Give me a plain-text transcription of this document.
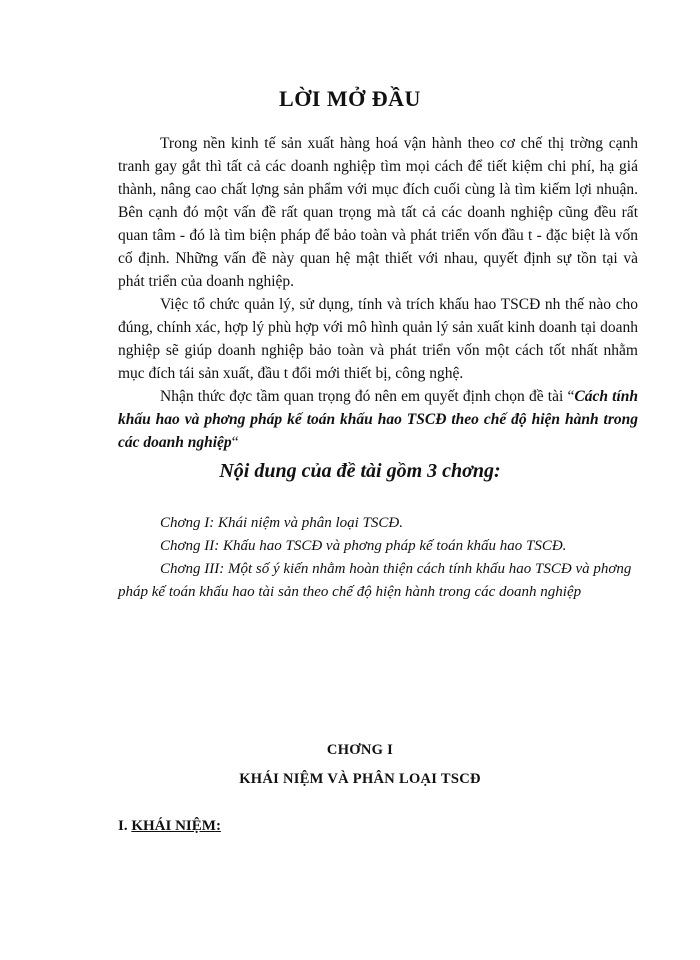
LỜI MỞ ĐẦU

Trong nền kinh tế sản xuất hàng hoá vận hành theo cơ chế thị trờng cạnh tranh gay gắt thì tất cả các doanh nghiệp tìm mọi cách để tiết kiệm chi phí, hạ giá thành, nâng cao chất lợng sản phẩm với mục đích cuối cùng là tìm kiếm lợi nhuận. Bên cạnh đó một vấn đề rất quan trọng mà tất cả các doanh nghiệp cũng đều rất quan tâm - đó là tìm biện pháp để bảo toàn và phát triển vốn đầu t - đặc biệt là vốn cố định. Những vấn đề này quan hệ mật thiết với nhau, quyết định sự tồn tại và phát triển của doanh nghiệp.

Việc tổ chức quản lý, sử dụng, tính và trích khấu hao TSCĐ nh thế nào cho đúng, chính xác, hợp lý phù hợp với mô hình quản lý sản xuất kinh doanh tại doanh nghiệp sẽ giúp doanh nghiệp bảo toàn và phát triển vốn một cách tốt nhất nhằm mục đích tái sản xuất, đầu t đổi mới thiết bị, công nghệ.

Nhận thức đợc tầm quan trọng đó nên em quyết định chọn đề tài “Cách tính khấu hao và phơng pháp kế toán khấu hao TSCĐ theo chế độ hiện hành trong các doanh nghiệp“

Nội dung của đề tài gồm 3 chơng:

Chơng I: Khái niệm và phân loại TSCĐ.

Chơng II: Khấu hao TSCĐ và phơng pháp kế toán khấu hao TSCĐ.

Chơng III: Một số ý kiến nhằm hoàn thiện cách tính khấu hao TSCĐ và phơng pháp kế toán khấu hao tài sản theo chế độ hiện hành trong các doanh nghiệp

CHƠNG I
KHÁI NIỆM VÀ PHÂN LOẠI TSCĐ
I. KHÁI NIỆM:
